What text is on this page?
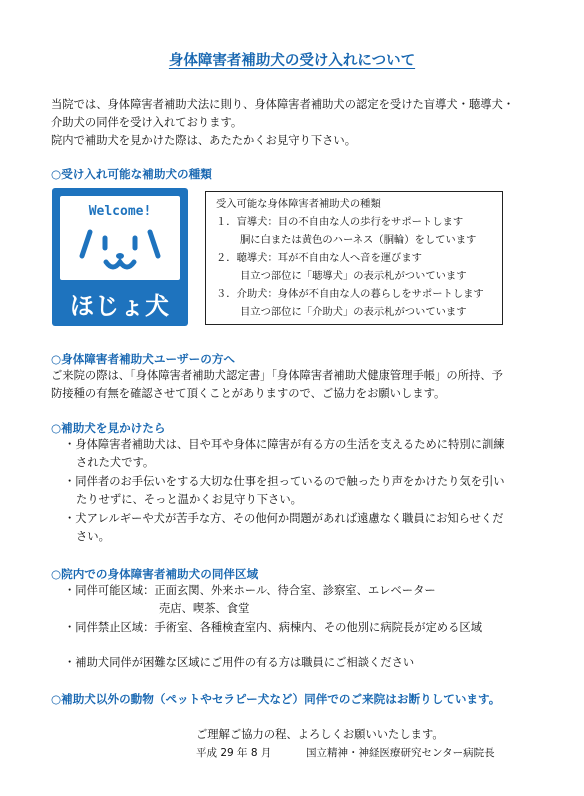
身体障害者補助犬の受け入れについて
当院では、身体障害者補助犬法に則り、身体障害者補助犬の認定を受けた盲導犬・聴導犬・
介助犬の同伴を受け入れております。
院内で補助犬を見かけた際は、あたたかくお見守り下さい。
○受け入れ可能な補助犬の種類
Welcome!
ほじょ犬
受入可能な身体障害者補助犬の種類
１．盲導犬：目の不自由な人の歩行をサポートします
胴に白または黄色のハーネス（胴輪）をしています
２．聴導犬：耳が不自由な人へ音を運びます
目立つ部位に「聴導犬」の表示札がついています
３．介助犬：身体が不自由な人の暮らしをサポートします
目立つ部位に「介助犬」の表示札がついています
○身体障害者補助犬ユーザーの方へ
ご来院の際は、「身体障害者補助犬認定書」「身体障害者補助犬健康管理手帳」の所持、予
防接種の有無を確認させて頂くことがありますので、ご協力をお願いします。
○補助犬を見かけたら
・身体障害者補助犬は、目や耳や身体に障害が有る方の生活を支えるために特別に訓練
された犬です。
・同伴者のお手伝いをする大切な仕事を担っているので触ったり声をかけたり気を引い
たりせずに、そっと温かくお見守り下さい。
・犬アレルギーや犬が苦手な方、その他何か問題があれば遠慮なく職員にお知らせくだ
さい。
○院内での身体障害者補助犬の同伴区域
・同伴可能区域：正面玄関、外来ホール、待合室、診察室、エレベーター
売店、喫茶、食堂
・同伴禁止区域：手術室、各種検査室内、病棟内、その他別に病院長が定める区域
・補助犬同伴が困難な区域にご用件の有る方は職員にご相談ください
○補助犬以外の動物（ペットやセラピー犬など）同伴でのご来院はお断りしています。
ご理解ご協力の程、よろしくお願いいたします。
平成 29 年 8 月	国立精神・神経医療研究センター病院長
